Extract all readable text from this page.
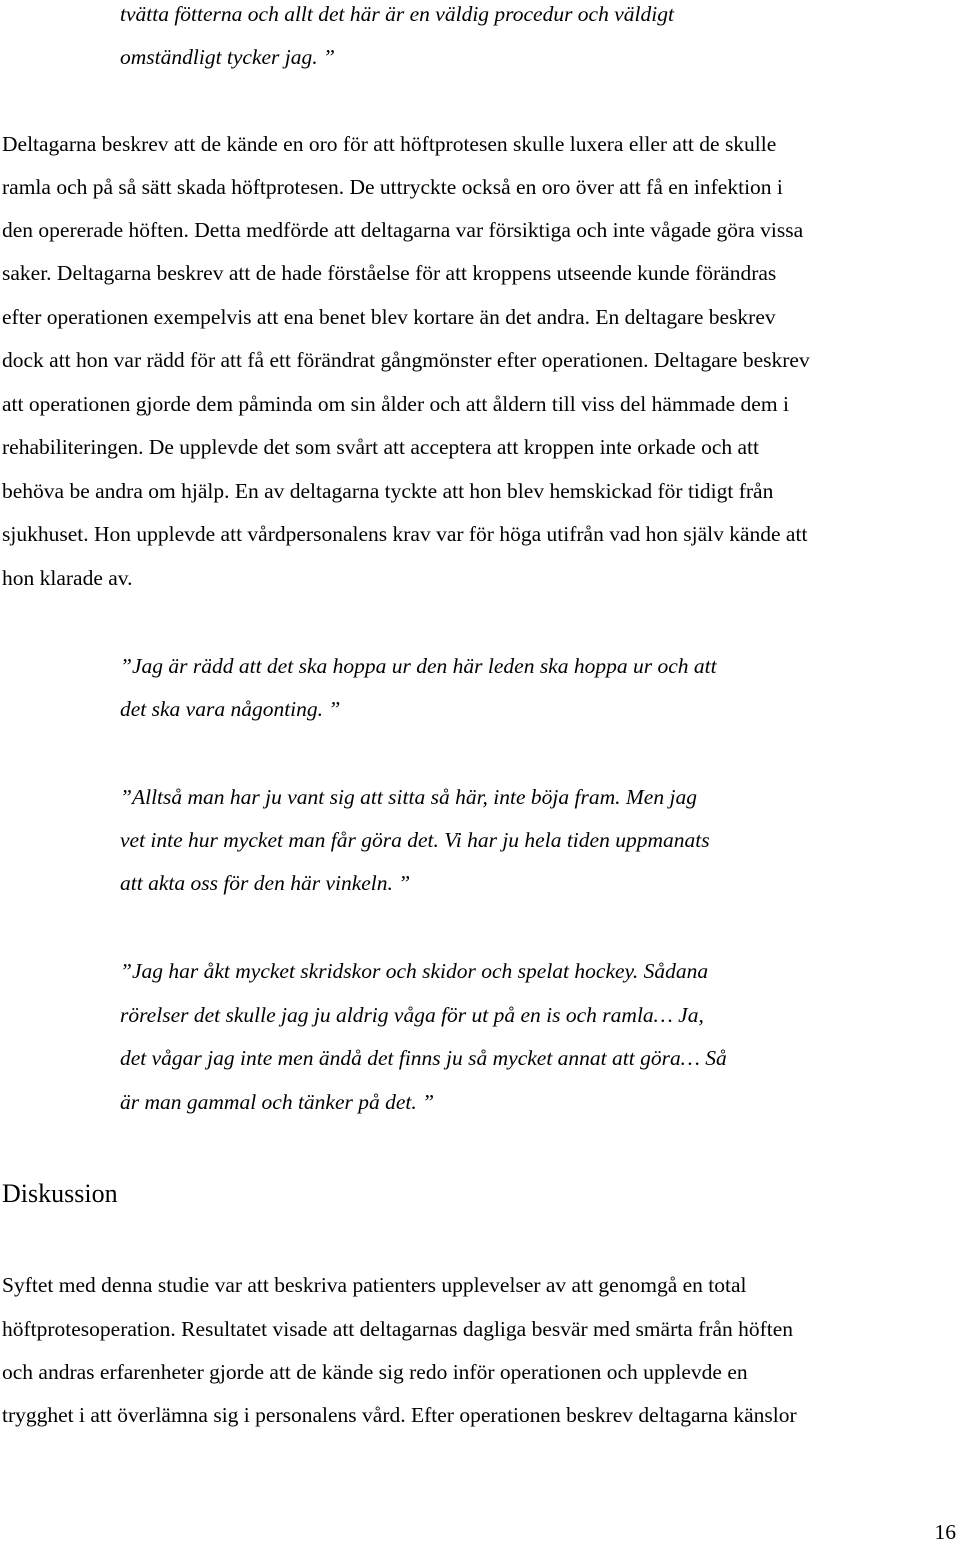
tvätta fötterna och allt det här är en väldig procedur och väldigt
omständligt tycker jag. ”
Deltagarna beskrev att de kände en oro för att höftprotesen skulle luxera eller att de skulle
ramla och på så sätt skada höftprotesen. De uttryckte också en oro över att få en infektion i
den opererade höften. Detta medförde att deltagarna var försiktiga och inte vågade göra vissa
saker. Deltagarna beskrev att de hade förståelse för att kroppens utseende kunde förändras
efter operationen exempelvis att ena benet blev kortare än det andra. En deltagare beskrev
dock att hon var rädd för att få ett förändrat gångmönster efter operationen. Deltagare beskrev
att operationen gjorde dem påminda om sin ålder och att åldern till viss del hämmade dem i
rehabiliteringen. De upplevde det som svårt att acceptera att kroppen inte orkade och att
behöva be andra om hjälp. En av deltagarna tyckte att hon blev hemskickad för tidigt från
sjukhuset. Hon upplevde att vårdpersonalens krav var för höga utifrån vad hon själv kände att
hon klarade av.
”Jag är rädd att det ska hoppa ur den här leden ska hoppa ur och att
det ska vara någonting. ”
”Alltså man har ju vant sig att sitta så här, inte böja fram. Men jag
vet inte hur mycket man får göra det. Vi har ju hela tiden uppmanats
att akta oss för den här vinkeln. ”
”Jag har åkt mycket skridskor och skidor och spelat hockey. Sådana
rörelser det skulle jag ju aldrig våga för ut på en is och ramla… Ja,
det vågar jag inte men ändå det finns ju så mycket annat att göra… Så
är man gammal och tänker på det. ”
Diskussion
Syftet med denna studie var att beskriva patienters upplevelser av att genomgå en total
höftprotesoperation. Resultatet visade att deltagarnas dagliga besvär med smärta från höften
och andras erfarenheter gjorde att de kände sig redo inför operationen och upplevde en
trygghet i att överlämna sig i personalens vård. Efter operationen beskrev deltagarna känslor
16
